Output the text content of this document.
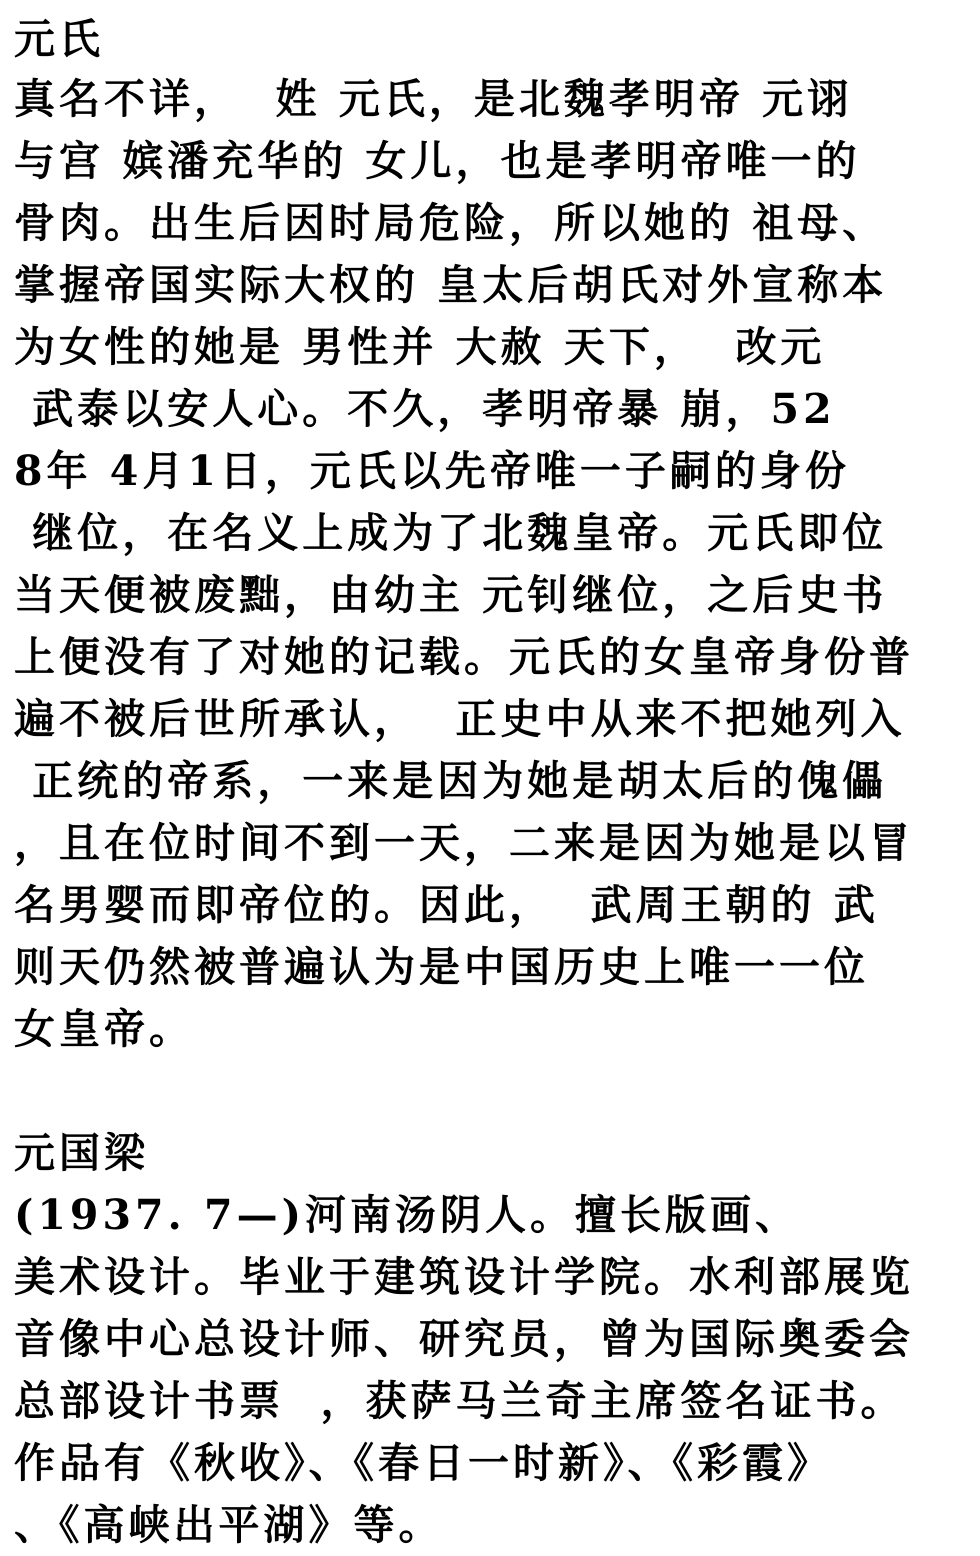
元氏
真名不详，  姓 元氏，是北魏孝明帝 元诩
与宫 嫔潘充华的 女儿，也是孝明帝唯一的
骨肉。出生后因时局危险，所以她的 祖母、
掌握帝国实际大权的 皇太后胡氏对外宣称本
为女性的她是 男性并 大赦 天下，  改元
武泰以安人心。不久，孝明帝暴 崩，52
8年 4月1日，元氏以先帝唯一子嗣的身份
继位，在名义上成为了北魏皇帝。元氏即位
当天便被废黜，由幼主 元钊继位，之后史书
上便没有了对她的记载。元氏的女皇帝身份普
遍不被后世所承认，  正史中从来不把她列入
正统的帝系，一来是因为她是胡太后的傀儡
，且在位时间不到一天，二来是因为她是以冒
名男婴而即帝位的。因此，  武周王朝的 武
则天仍然被普遍认为是中国历史上唯一一位
女皇帝。
元国梁
(1937. 7—)河南汤阴人。擅长版画、
美术设计。毕业于建筑设计学院。水利部展览
音像中心总设计师、研究员，曾为国际奥委会
总部设计书票  ，获萨马兰奇主席签名证书。
作品有《秋收》、《春日一时新》、《彩霞》
、《高峡出平湖》等。
